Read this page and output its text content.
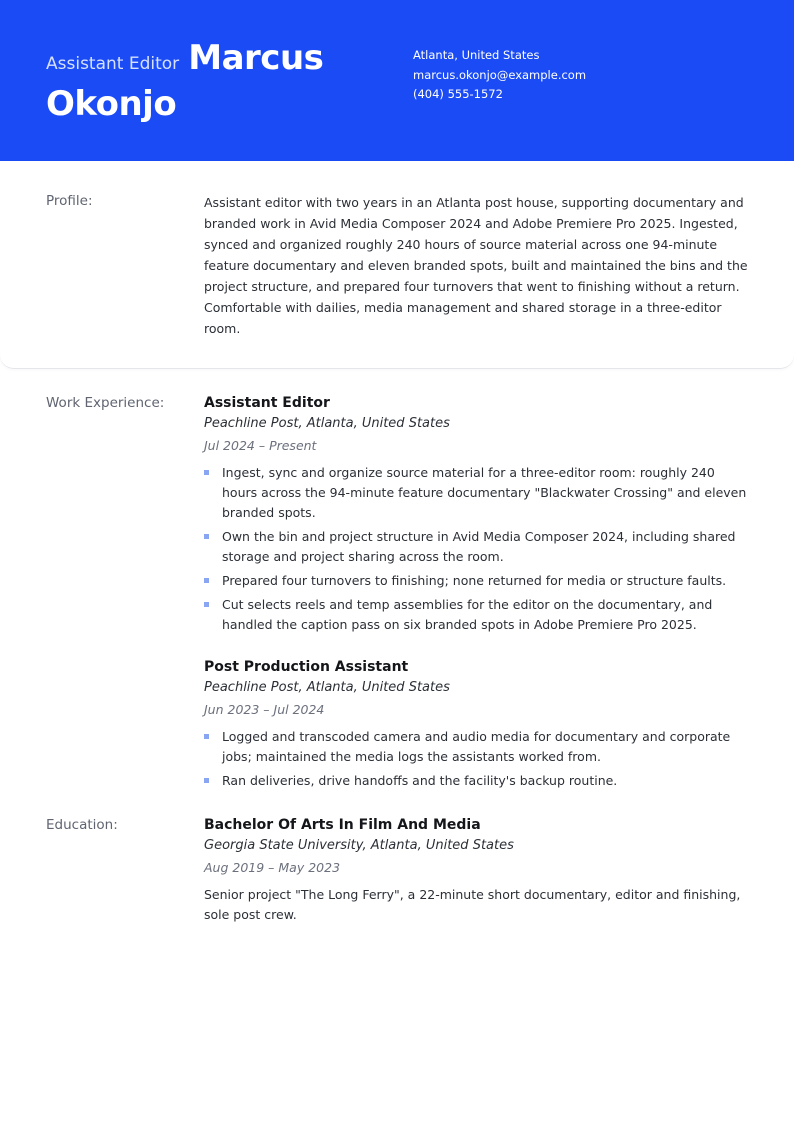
Assistant Editor Marcus
Okonjo
Atlanta, United States
marcus.okonjo@example.com
(404) 555-1572
Profile:	Assistant editor with two years in an Atlanta post house, supporting documentary and branded work in Avid Media Composer 2024 and Adobe Premiere Pro 2025. Ingested, synced and organized roughly 240 hours of source material across one 94-minute feature documentary and eleven branded spots, built and maintained the bins and the project structure, and prepared four turnovers that went to finishing without a return. Comfortable with dailies, media management and shared storage in a three-editor room.

Work Experience:	Assistant Editor
Peachline Post, Atlanta, United States
Jul 2024 – Present
Ingest, sync and organize source material for a three-editor room: roughly 240 hours across the 94-minute feature documentary "Blackwater Crossing" and eleven branded spots.
Own the bin and project structure in Avid Media Composer 2024, including shared storage and project sharing across the room.
Prepared four turnovers to finishing; none returned for media or structure faults.
Cut selects reels and temp assemblies for the editor on the documentary, and handled the caption pass on six branded spots in Adobe Premiere Pro 2025.
Post Production Assistant
Peachline Post, Atlanta, United States
Jun 2023 – Jul 2024
Logged and transcoded camera and audio media for documentary and corporate jobs; maintained the media logs the assistants worked from.
Ran deliveries, drive handoffs and the facility's backup routine.
Education:	Bachelor Of Arts In Film And Media
Georgia State University, Atlanta, United States
Aug 2019 – May 2023
Senior project "The Long Ferry", a 22-minute short documentary, editor and finishing, sole post crew.
